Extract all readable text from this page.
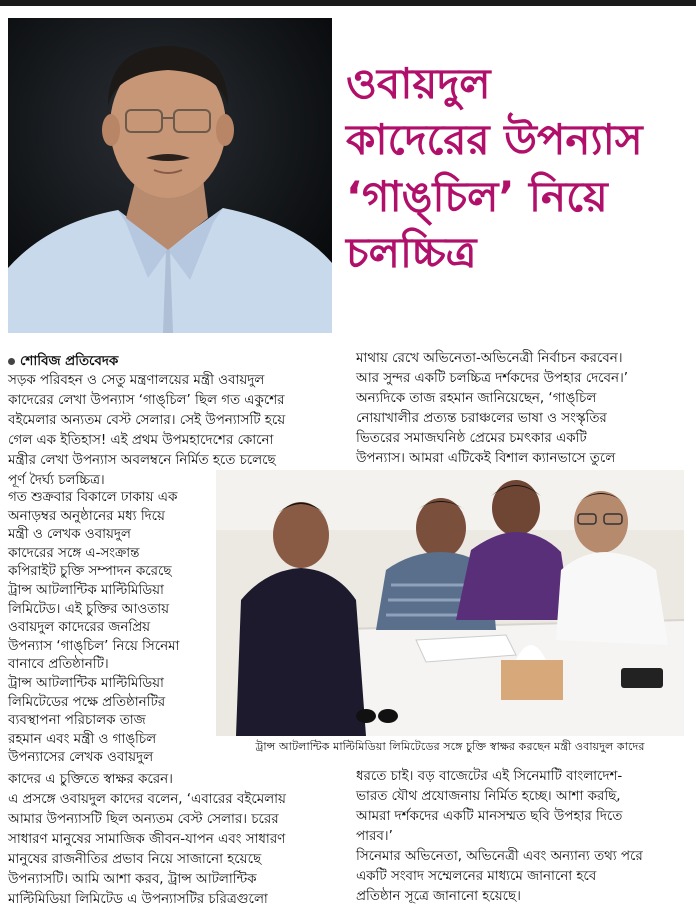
ওবায়দুল
কাদেরের উপন্যাস
‘গাঙ্‌চিল’ নিয়ে
চলচ্চিত্র
শোবিজ প্রতিবেদক
সড়ক পরিবহন ও সেতু মন্ত্রণালয়ের মন্ত্রী ওবায়দুল
কাদেরের লেখা উপন্যাস ‘গাঙ্‌চিল’ ছিল গত একুশের
বইমেলার অন্যতম বেস্ট সেলার। সেই উপন্যাসটি হয়ে
গেল এক ইতিহাস! এই প্রথম উপমহাদেশের কোনো
মন্ত্রীর লেখা উপন্যাস অবলম্বনে নির্মিত হতে চলেছে
পূর্ণ দৈর্ঘ্য চলচ্চিত্র।
গত শুক্রবার বিকালে ঢাকায় এক
অনাড়ম্বর অনুষ্ঠানের মধ্য দিয়ে
মন্ত্রী ও লেখক ওবায়দুল
কাদেরের সঙ্গে এ-সংক্রান্ত
কপিরাইট চুক্তি সম্পাদন করেছে
ট্রান্স আটলান্টিক মাল্টিমিডিয়া
লিমিটেড। এই চুক্তির আওতায়
ওবায়দুল কাদেরের জনপ্রিয়
উপন্যাস ‘গাঙ্‌চিল’ নিয়ে সিনেমা
বানাবে প্রতিষ্ঠানটি।
ট্রান্স আটলান্টিক মাল্টিমিডিয়া
লিমিটেডের পক্ষে প্রতিষ্ঠানটির
ব্যবস্থাপনা পরিচালক তাজ
রহমান এবং মন্ত্রী ও গাঙ্‌চিল
উপন্যাসের লেখক ওবায়দুল
কাদের এ চুক্তিতে স্বাক্ষর করেন।
এ প্রসঙ্গে ওবায়দুল কাদের বলেন, ‘এবারের বইমেলায়
আমার উপন্যাসটি ছিল অন্যতম বেস্ট সেলার। চরের
সাধারণ মানুষের সামাজিক জীবন-যাপন এবং সাধারণ
মানুষের রাজনীতির প্রভাব নিয়ে সাজানো হয়েছে
উপন্যাসটি। আমি আশা করব, ট্রান্স আটলান্টিক
মাথায় রেখে অভিনেতা-অভিনেত্রী নির্বাচন করবেন।
আর সুন্দর একটি চলচ্চিত্র দর্শকদের উপহার দেবেন।’
অন্যদিকে তাজ রহমান জানিয়েছেন, ‘গাঙ্‌চিল
নোয়াখালীর প্রত্যন্ত চরাঞ্চলের ভাষা ও সংস্কৃতির
ভিতরের সমাজঘনিষ্ঠ প্রেমের চমৎকার একটি
উপন্যাস। আমরা এটিকেই বিশাল ক্যানভাসে তুলে
ট্রান্স আটলান্টিক মাল্টিমিডিয়া লিমিটেডের সঙ্গে চুক্তি স্বাক্ষর করছেন মন্ত্রী ওবায়দুল কাদের
ধরতে চাই। বড় বাজেটের এই সিনেমাটি বাংলাদেশ-
ভারত যৌথ প্রযোজনায় নির্মিত হচ্ছে। আশা করছি,
আমরা দর্শকদের একটি মানসম্মত ছবি উপহার দিতে
পারব।’
সিনেমার অভিনেতা, অভিনেত্রী এবং অন্যান্য তথ্য পরে
একটি সংবাদ সম্মেলনের মাধ্যমে জানানো হবে
প্রতিষ্ঠান সূত্রে জানানো হয়েছে।
মাল্টিমিডিয়া লিমিটেড এ উপন্যাসটির চরিত্রগুলো
